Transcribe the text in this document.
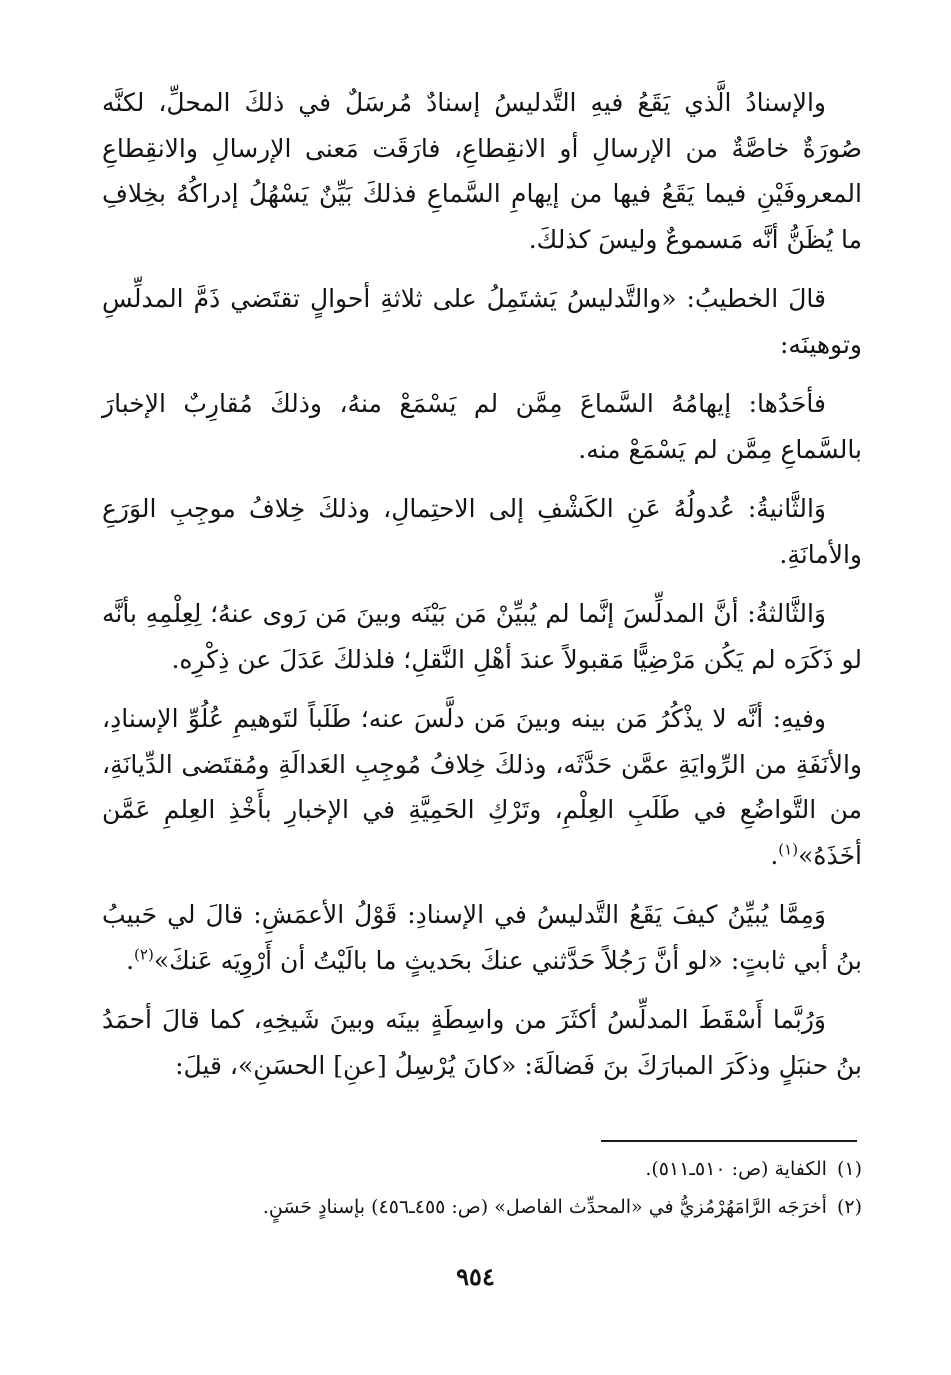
والإسنادُ الَّذي يَقَعُ فيهِ التَّدليسُ إسنادٌ مُرسَلٌ في ذلكَ المحلِّ، لكنَّه صُورَةٌ خاصَّةٌ من الإرسالِ أو الانقِطاعِ، فارَقَت مَعنى الإرسالِ والانقِطاعِ المعروفَيْنِ فيما يَقَعُ فيها من إيهامِ السَّماعِ فذلكَ بَيِّنٌ يَسْهُلُ إدراكُهُ بخِلافِ ما يُظَنُّ أنَّه مَسموعٌ وليسَ كذلكَ.

قالَ الخطيبُ: «والتَّدليسُ يَشتَمِلُ على ثلاثةِ أحوالٍ تقتَضي ذَمَّ المدلِّسِ وتوهينَه:

فأحَدُها: إيهامُهُ السَّماعَ مِمَّن لم يَسْمَعْ منهُ، وذلكَ مُقارِبٌ الإخبارَ بالسَّماعِ مِمَّن لم يَسْمَعْ منه.

وَالثَّانيةُ: عُدولُهُ عَنِ الكَشْفِ إلى الاحتِمالِ، وذلكَ خِلافُ موجِبِ الوَرَعِ والأمانَةِ.

وَالثَّالثةُ: أنَّ المدلِّسَ إنَّما لم يُبيِّنْ مَن بَيْنَه وبينَ مَن رَوى عنهُ؛ لِعِلْمِهِ بأنَّه لو ذَكَرَه لم يَكُن مَرْضِيًّا مَقبولاً عندَ أهْلِ النَّقلِ؛ فلذلكَ عَدَلَ عن ذِكْرِه.

وفيهِ: أنَّه لا يذْكُرُ مَن بينه وبينَ مَن دلَّسَ عنه؛ طَلَباً لتَوهيمِ عُلُوِّ الإسنادِ، والأنَفَةِ من الرِّوايَةِ عمَّن حَدَّثَه، وذلكَ خِلافُ مُوجِبِ العَدالَةِ ومُقتَضى الدِّيانَةِ، من التَّواضُعِ في طَلَبِ العِلْمِ، وتَرْكِ الحَمِيَّةِ في الإخبارِ بأَخْذِ العِلمِ عَمَّن أخَذَهُ»$^{(١)}$.

وَمِمَّا يُبيِّنُ كيفَ يَقَعُ التَّدليسُ في الإسنادِ: قَوْلُ الأعمَشِ: قالَ لي حَبيبُ بنُ أبي ثابتٍ: «لو أنَّ رَجُلاً حَدَّثني عنكَ بحَديثٍ ما بالَيْتُ أن أَرْوِيَه عَنكَ»$^{(٢)}$.

وَرُبَّما أَسْقَطَ المدلِّسُ أكثَرَ من واسِطَةٍ بينَه وبينَ شَيخِهِ، كما قالَ أحمَدُ بنُ حنبَلٍ وذكَرَ المبارَكَ بنَ فَضالَةَ: «كانَ يُرْسِلُ [عنِ] الحسَنِ»، قيلَ:

(١)الكفاية (ص: ٥١٠ـ٥١١).

(٢)أخرَجَه الرَّامَهُرْمُزيُّ في «المحدِّث الفاصل» (ص: ٤٥٥ـ٤٥٦) بإسنادٍ حَسَنٍ.

٩٥٤
